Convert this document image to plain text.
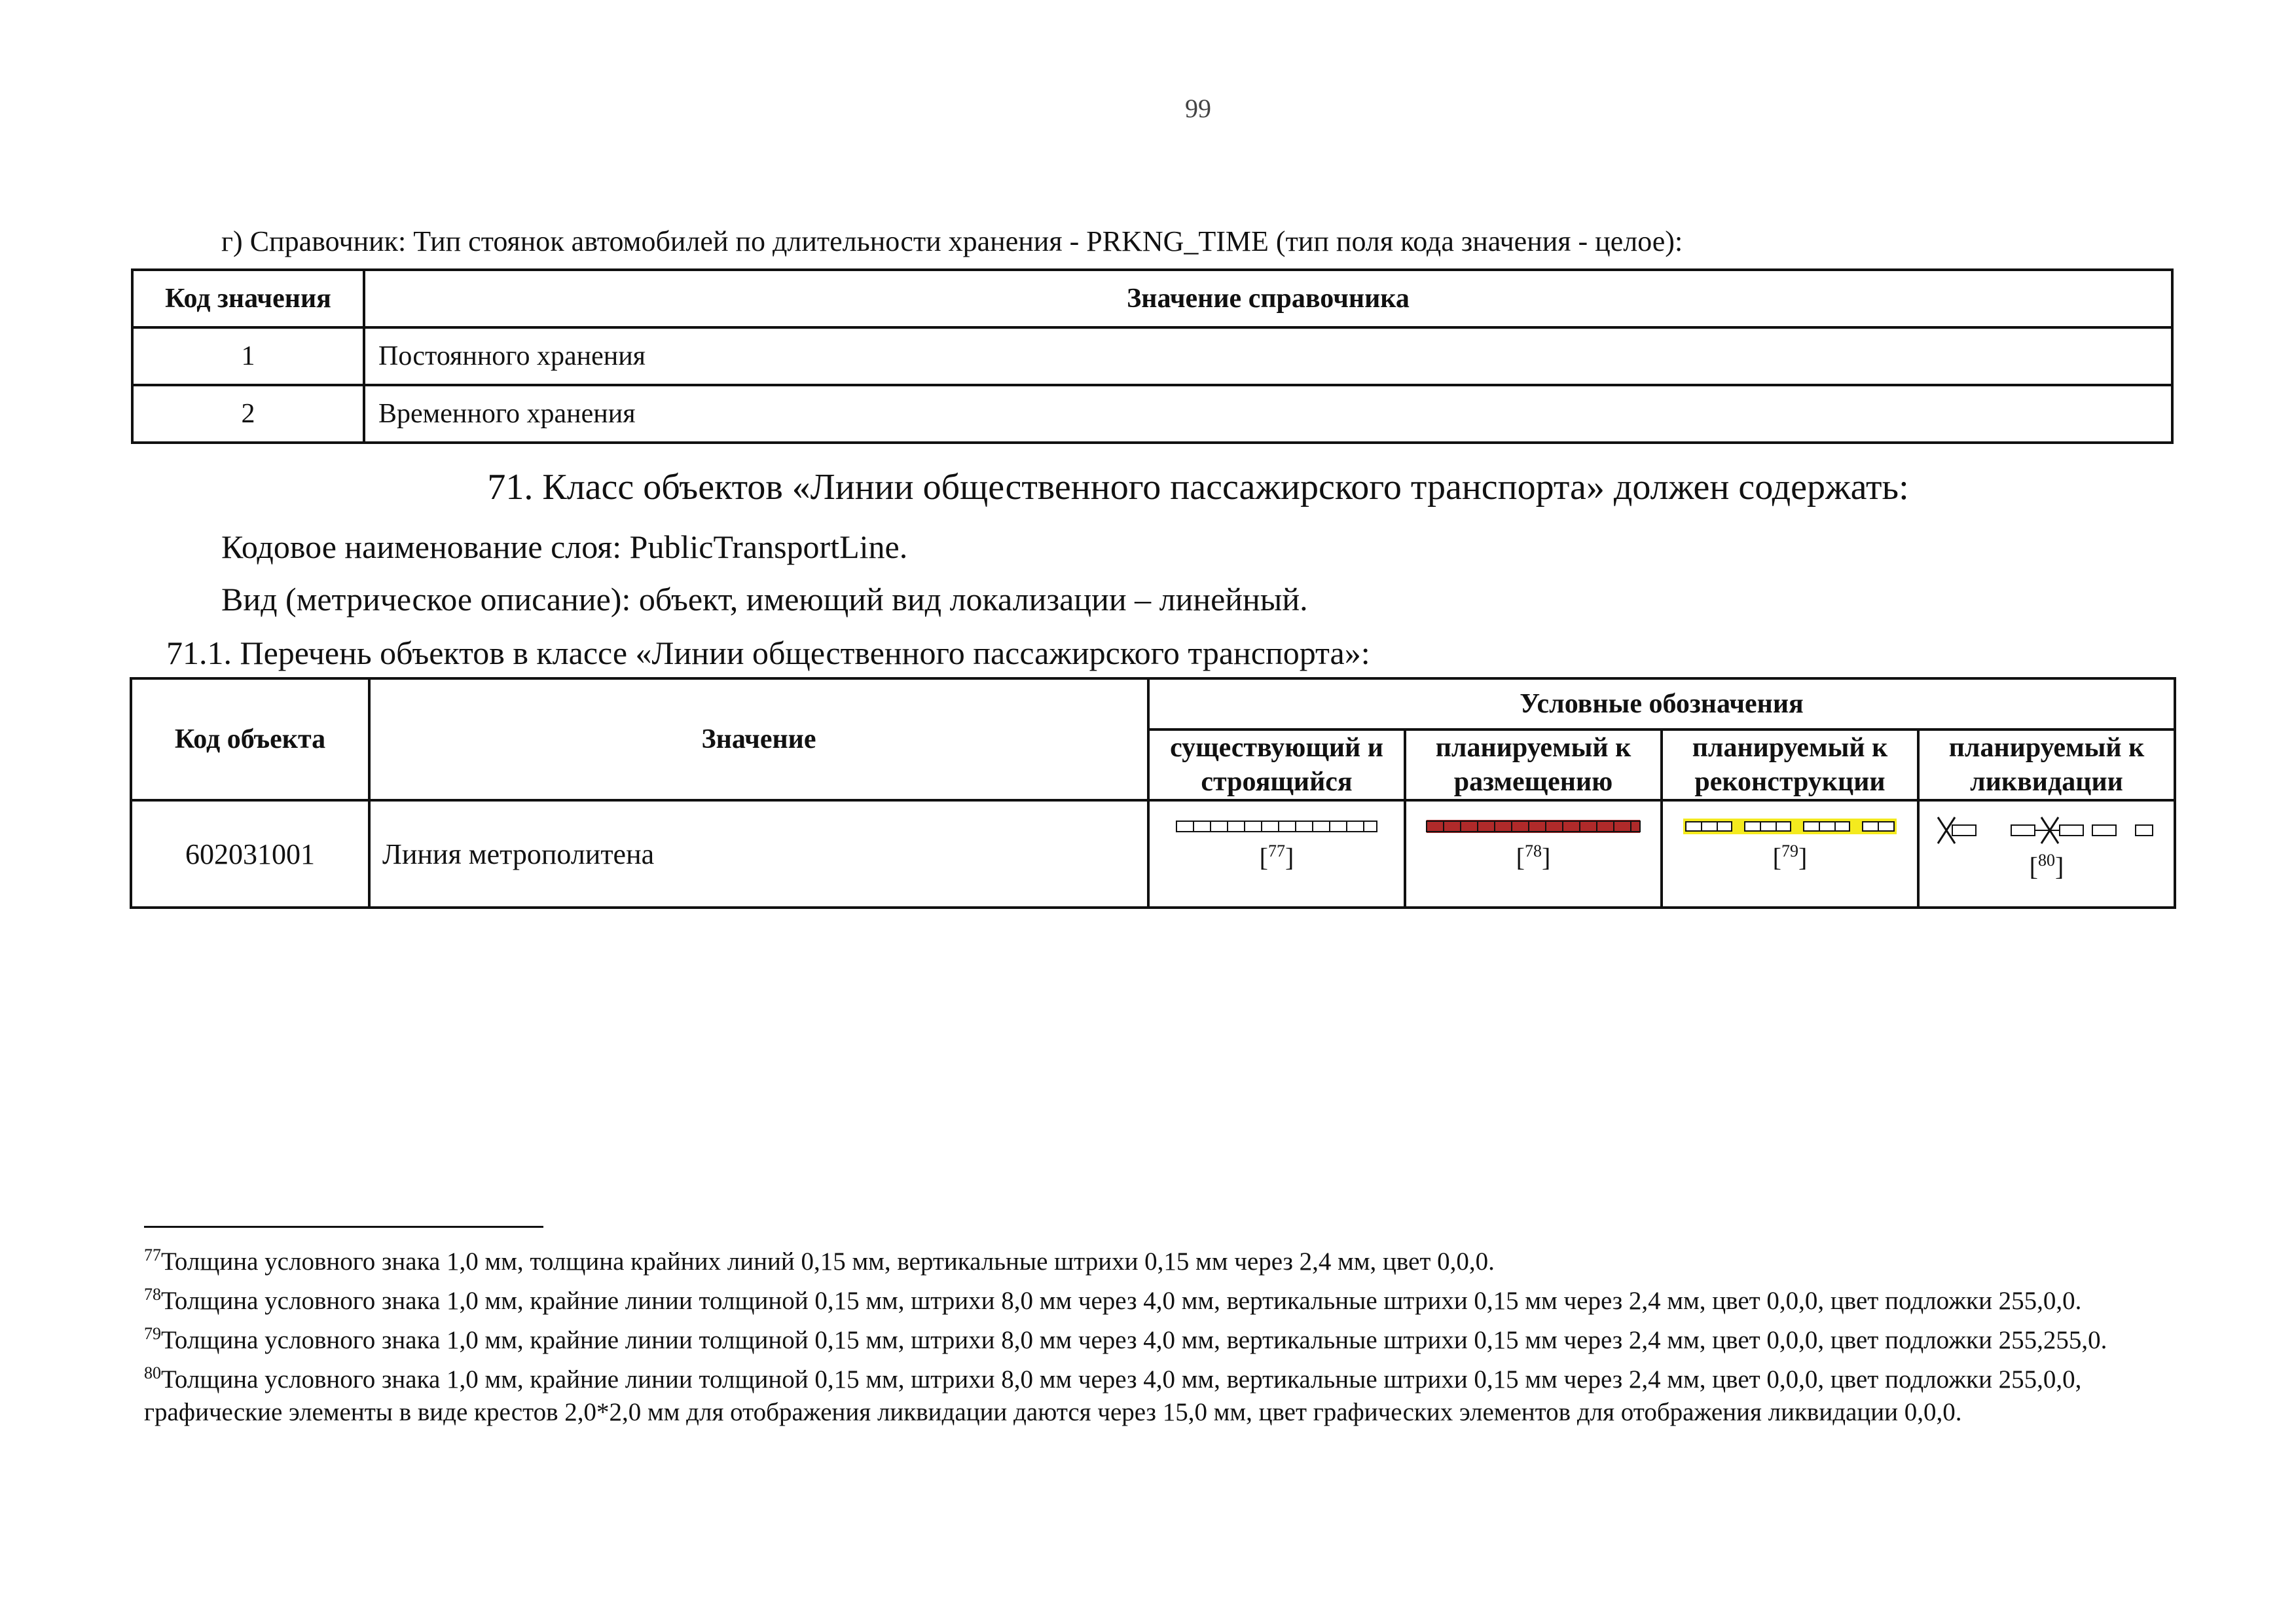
99
г) Справочник: Тип стоянок автомобилей по длительности хранения - PRKNG_TIME (тип поля кода значения - целое):
Код значения	Значение справочника
1	Постоянного хранения
2	Временного хранения
71. Класс объектов «Линии общественного пассажирского транспорта» должен содержать:
Кодовое наименование слоя: PublicTransportLine.
Вид (метрическое описание): объект, имеющий вид локализации – линейный.
71.1. Перечень объектов в классе «Линии общественного пассажирского транспорта»:
Код объекта	Значение	Условные обозначения			
		существующий и строящийся	планируемый к размещению	планируемый к реконструкции	планируемый к ликвидации
602031001	Линия метрополитена	[$^{77}$]	[$^{78}$]	[$^{79}$]	[$^{80}$]

$^{77}$Толщина условного знака 1,0 мм, толщина крайних линий 0,15 мм, вертикальные штрихи 0,15 мм через 2,4 мм, цвет 0,0,0.

$^{78}$Толщина условного знака 1,0 мм, крайние линии толщиной 0,15 мм, штрихи 8,0 мм через 4,0 мм, вертикальные штрихи 0,15 мм через 2,4 мм, цвет 0,0,0, цвет подложки 255,0,0.

$^{79}$Толщина условного знака 1,0 мм, крайние линии толщиной 0,15 мм, штрихи 8,0 мм через 4,0 мм, вертикальные штрихи 0,15 мм через 2,4 мм, цвет 0,0,0, цвет подложки 255,255,0.

$^{80}$Толщина условного знака 1,0 мм, крайние линии толщиной 0,15 мм, штрихи 8,0 мм через 4,0 мм, вертикальные штрихи 0,15 мм через 2,4 мм, цвет 0,0,0, цвет подложки 255,0,0, графические элементы в виде крестов 2,0*2,0 мм для отображения ликвидации даются через 15,0 мм, цвет графических элементов для отображения ликвидации 0,0,0.
